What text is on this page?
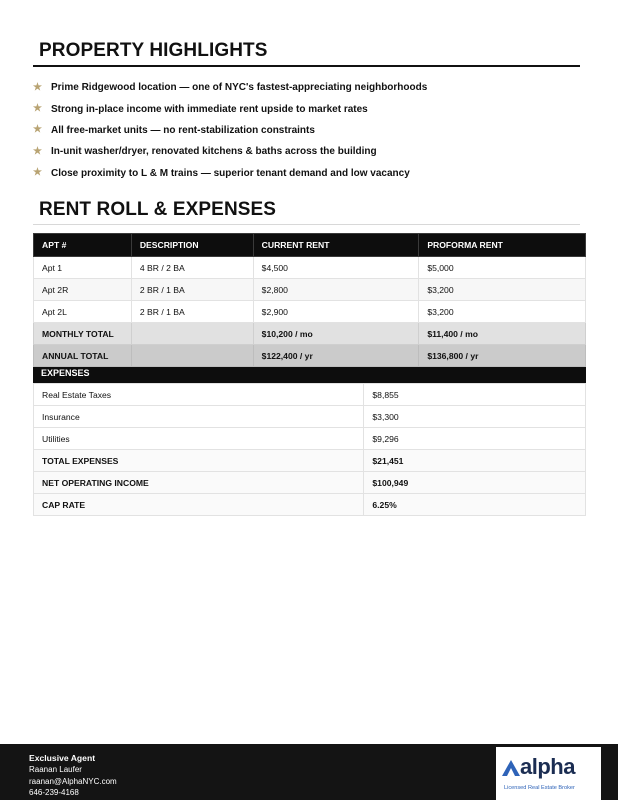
PROPERTY HIGHLIGHTS
★ Prime Ridgewood location — one of NYC's fastest-appreciating neighborhoods
★ Strong in-place income with immediate rent upside to market rates
★ All free-market units — no rent-stabilization constraints
★ In-unit washer/dryer, renovated kitchens & baths across the building
★ Close proximity to L & M trains — superior tenant demand and low vacancy
RENT ROLL & EXPENSES
APT #	DESCRIPTION	CURRENT RENT	PROFORMA RENT
Apt 1	4 BR / 2 BA	$4,500	$5,000
Apt 2R	2 BR / 1 BA	$2,800	$3,200
Apt 2L	2 BR / 1 BA	$2,900	$3,200
MONTHLY TOTAL		$10,200 / mo	$11,400 / mo
ANNUAL TOTAL		$122,400 / yr	$136,800 / yr
EXPENSES
Real Estate Taxes	$8,855
Insurance	$3,300
Utilities	$9,296
TOTAL EXPENSES	$21,451
NET OPERATING INCOME	$100,949
CAP RATE	6.25%
Exclusive Agent
Raanan Laufer
raanan@AlphaNYC.com
646-239-4168
alpha
Licensed Real Estate Broker
